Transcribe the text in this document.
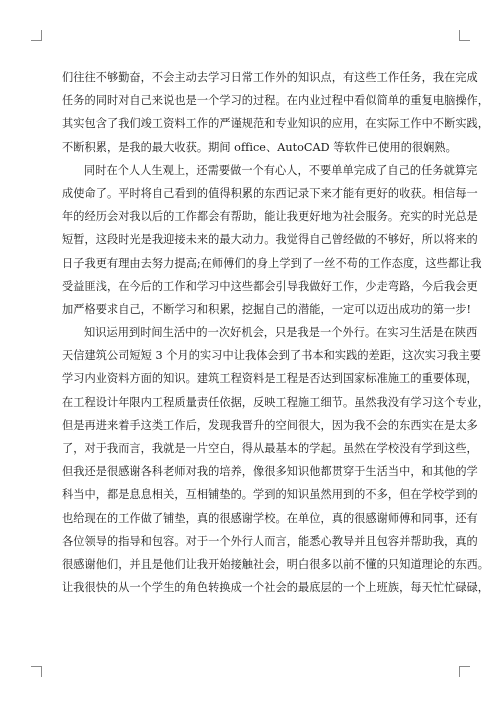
们往往不够勤奋，不会主动去学习日常工作外的知识点，有这些工作任务，我在完成
任务的同时对自己来说也是一个学习的过程。在内业过程中看似简单的重复电脑操作，
其实包含了我们竣工资料工作的严谨规范和专业知识的应用，在实际工作中不断实践，
不断积累，是我的最大收获。期间 office、AutoCAD 等软件已使用的很娴熟。
同时在个人人生观上，还需要做一个有心人，不要单单完成了自己的任务就算完
成使命了。平时将自己看到的值得积累的东西记录下来才能有更好的收获。相信每一
年的经历会对我以后的工作都会有帮助，能让我更好地为社会服务。充实的时光总是
短暂，这段时光是我迎接未来的最大动力。我觉得自己曾经做的不够好，所以将来的
日子我更有理由去努力提高;在师傅们的身上学到了一丝不苟的工作态度，这些都让我
受益匪浅，在今后的工作和学习中这些都会引导我做好工作，少走弯路，今后我会更
加严格要求自己，不断学习和积累，挖掘自己的潜能，一定可以迈出成功的第一步!
知识运用到时间生活中的一次好机会，只是我是一个外行。在实习生活是在陕西
天信建筑公司短短 3 个月的实习中让我体会到了书本和实践的差距，这次实习我主要
学习内业资料方面的知识。建筑工程资料是工程是否达到国家标准施工的重要体现，
在工程设计年限内工程质量责任依据，反映工程施工细节。虽然我没有学习这个专业，
但是再进来着手这类工作后，发现我晋升的空间很大，因为我不会的东西实在是太多
了，对于我而言，我就是一片空白，得从最基本的学起。虽然在学校没有学到这些，
但我还是很感谢各科老师对我的培养，像很多知识他都贯穿于生活当中，和其他的学
科当中，都是息息相关，互相铺垫的。学到的知识虽然用到的不多，但在学校学到的
也给现在的工作做了铺垫，真的很感谢学校。在单位，真的很感谢师傅和同事，还有
各位领导的指导和包容。对于一个外行人而言，能悉心教导并且包容并帮助我，真的
很感谢他们，并且是他们让我开始接触社会，明白很多以前不懂的只知道理论的东西。
让我很快的从一个学生的角色转换成一个社会的最底层的一个上班族，每天忙忙碌碌，
